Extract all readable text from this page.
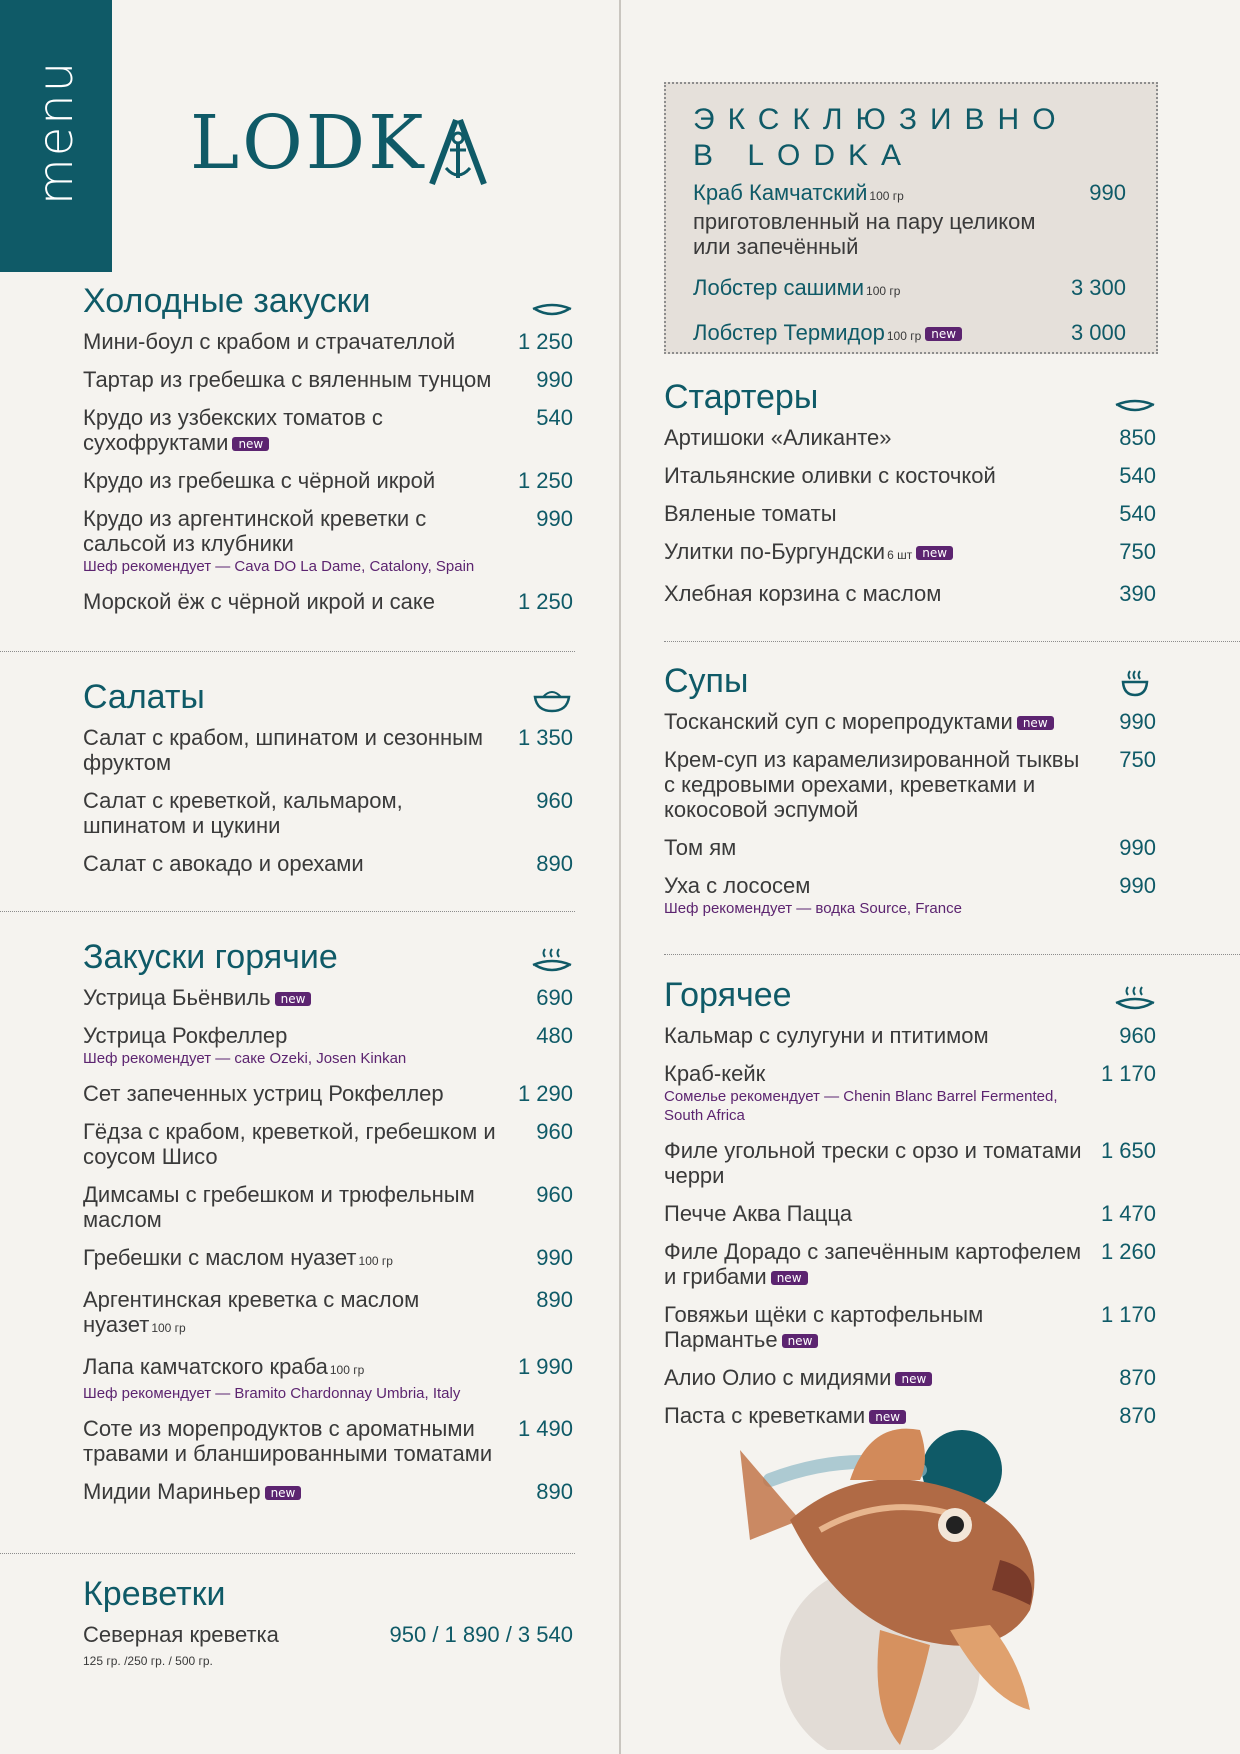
menu LODK	ЭКСКЛЮЗИВНО
В LODKA
Краб Камчатский 100 гр
приготовленный на пару целиком или запечённый
990
Лобстер сашими 100 гр	3 300
Лобстер Термидор 100 гр new	3 000
Холодные закуски
Мини-боул с крабом и страчателлой	1 250
Тартар из гребешка с вяленным тунцом 990
Крудо из узбекских томатов с сухофруктами new
540
Крудо из гребешка с чёрной икрой	1 250
Крудо из аргентинской креветки с сальсой из клубники
Шеф рекомендует — Cava DO La Dame, Catalony, Spain
990
Морской ёж с чёрной икрой и саке	1 250
Салаты
Салат с крабом, шпинатом и сезонным фруктом
1 350
Салат с креветкой, кальмаром, шпинатом и цукини
960
Салат с авокадо и орехами	890
Закуски горячие
Устрица Бьёнвиль new	690
Устрица Рокфеллер
Шеф рекомендует — саке Ozeki, Josen Kinkan
480
Сет запеченных устриц Рокфеллер	1 290
Гёдза с крабом, креветкой, гребешком и соусом Шисо
960
Димсамы с гребешком и трюфельным маслом
960
Гребешки с маслом нуазет 100 гр	990
Аргентинская креветка с маслом нуазет 100 гр
890
Лапа камчатского краба 100 гр
Шеф рекомендует — Bramito Chardonnay Umbria, Italy
1 990
Соте из морепродуктов с ароматными травами и бланшированными томатами
1 490
Мидии Мариньер new	890
Креветки
Северная креветка
125 гр. /250 гр. / 500 гр.
950 / 1 890 / 3 540
Стартеры
Артишоки «Аликанте»	850
Итальянские оливки с косточкой	540
Вяленые томаты	540
Улитки по-Бургундски 6 шт new	750
Хлебная корзина с маслом	390
Супы
Тосканский суп с морепродуктами new	990
Крем-суп из карамелизированной тыквы с кедровыми орехами, креветками и кокосовой эспумой
750
Том ям	990
Уха с лососем
Шеф рекомендует — водка Source, France
990
Горячее
Кальмар с сулугуни и птитимом	960
Краб-кейк
Сомелье рекомендует — Chenin Blanc Barrel Fermented, South Africa
1 170
Филе угольной трески с орзо и томатами черри
1 650
Печче Аква Пацца	1 470
Филе Дорадо с запечённым картофелем и грибами new
1 260
Говяжьи щёки с картофельным Пармантье new
1 170
Алио Олио с мидиями new	870
Паста с креветками new	870
